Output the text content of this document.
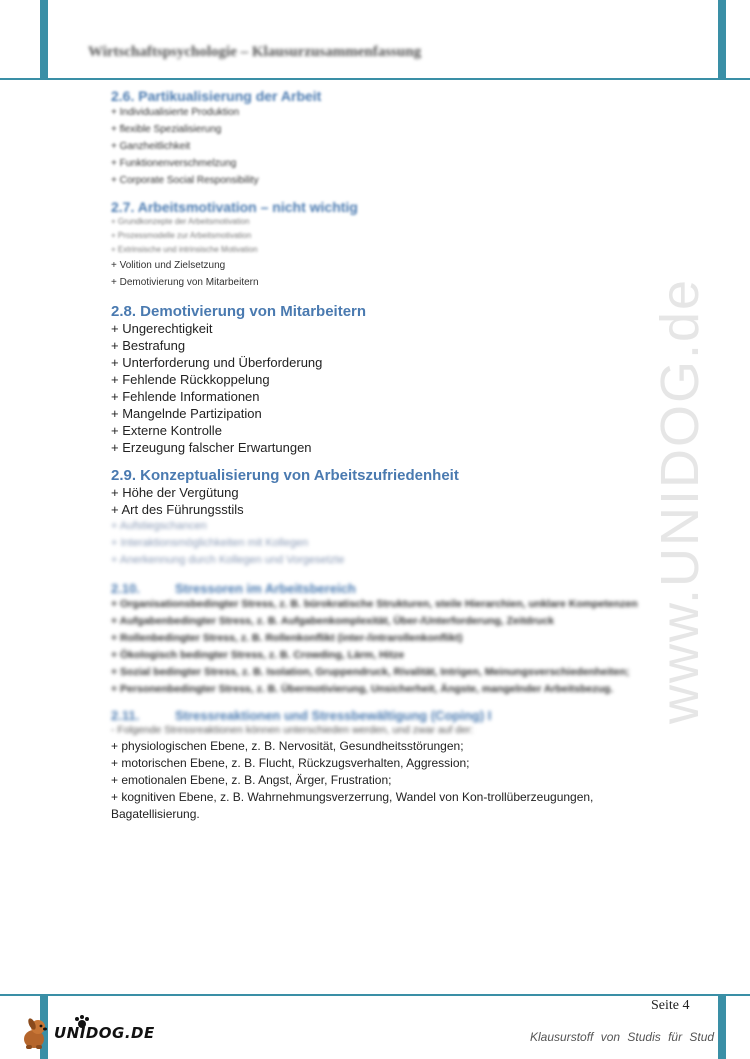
Wirtschaftspsychologie – Klausurzusammenfassung
www.UNIDOG.de
2.6. Partikualisierung der Arbeit
+ Individualisierte Produktion
+ flexible Spezialisierung
+ Ganzheitlichkeit
+ Funktionenverschmelzung
+ Corporate Social Responsibility
2.7. Arbeitsmotivation – nicht wichtig
+ Grundkonzepte der Arbeitsmotivation
+ Prozessmodelle zur Arbeitsmotivation
+ Extrinsische und intrinsische Motivation
+ Volition und Zielsetzung
+ Demotivierung von Mitarbeitern
2.8. Demotivierung von Mitarbeitern
+ Ungerechtigkeit
+ Bestrafung
+ Unterforderung und Überforderung
+ Fehlende Rückkoppelung
+ Fehlende Informationen
+ Mangelnde Partizipation
+ Externe Kontrolle
+ Erzeugung falscher Erwartungen
2.9. Konzeptualisierung von Arbeitszufriedenheit
+ Höhe der Vergütung
+ Art des Führungsstils
+ Aufstiegschancen
+ Interaktionsmöglichkeiten mit Kollegen
+ Anerkennung durch Kollegen und Vorgesetzte
2.10.	Stressoren im Arbeitsbereich
+ Organisationsbedingter Stress, z. B. bürokratische Strukturen, steile Hierarchien, unklare Kompetenzen
+ Aufgabenbedingter Stress, z. B. Aufgabenkomplexität, Über-/Unterforderung, Zeitdruck
+ Rollenbedingter Stress, z. B. Rollenkonflikt (inter-/intrarollenkonflikt)
+ Ökologisch bedingter Stress, z. B. Crowding, Lärm, Hitze
+ Sozial bedingter Stress, z. B. Isolation, Gruppendruck, Rivalität, Intrigen, Meinungsverschiedenheiten;
+ Personenbedingter Stress, z. B. Übermotivierung, Unsicherheit, Ängste, mangelnder Arbeitsbezug.
2.11.	Stressreaktionen und Stressbewältigung (Coping) I
- Folgende Stressreaktionen können unterschieden werden, und zwar auf der:
+ physiologischen Ebene, z. B. Nervosität, Gesundheitsstörungen;
+ motorischen Ebene, z. B. Flucht, Rückzugsverhalten, Aggression;
+ emotionalen Ebene, z. B. Angst, Ärger, Frustration;
+ kognitiven Ebene, z. B. Wahrnehmungsverzerrung, Wandel von Kon-trollüberzeugungen,
Bagatellisierung.
Seite 4
UNIDOG.DE	Klausurstoff von Studis für Stud
